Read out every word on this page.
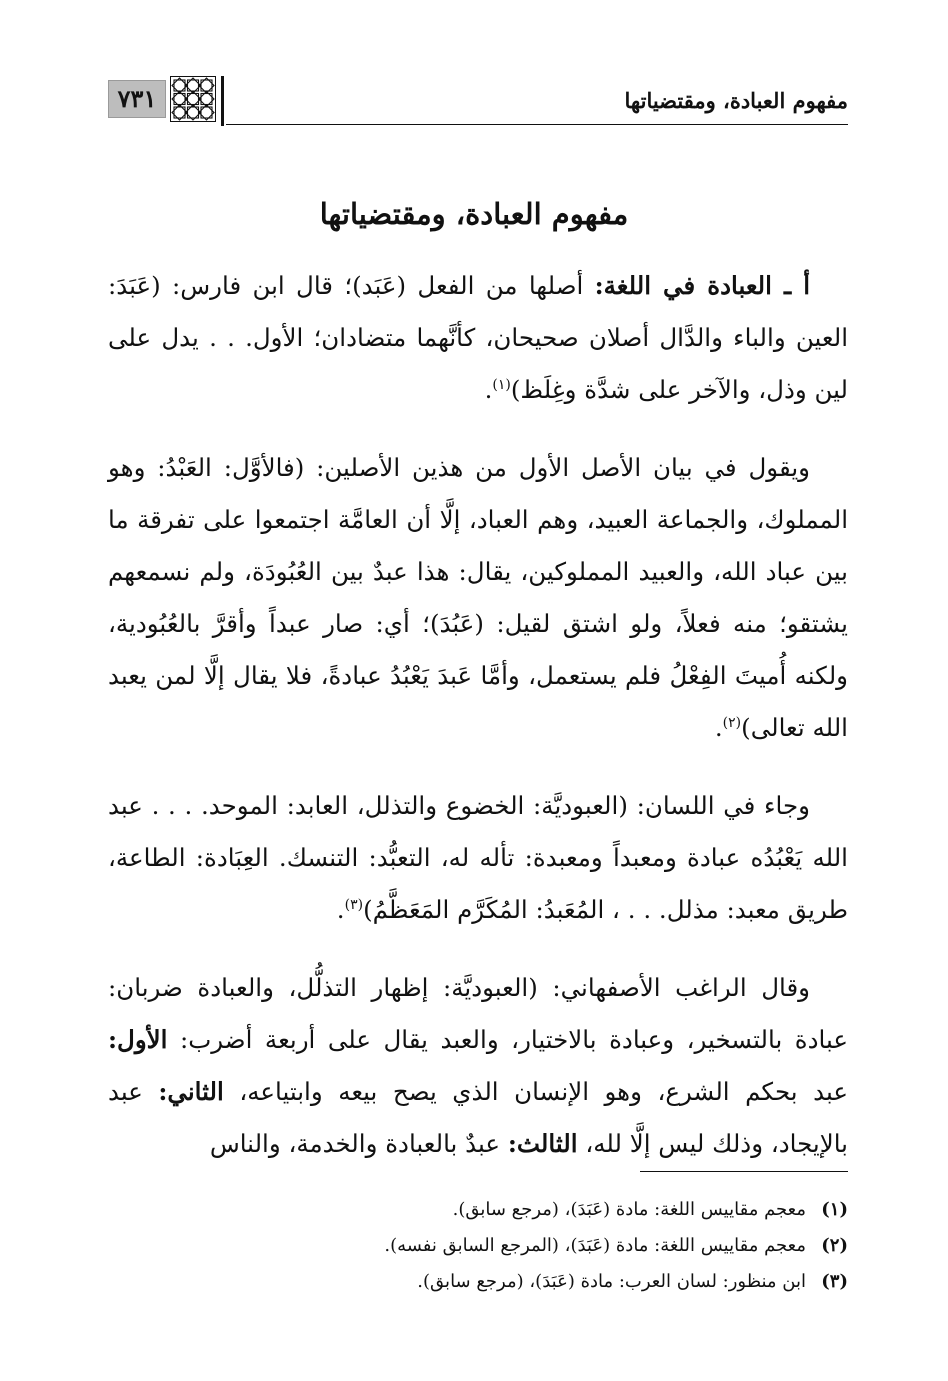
مفهوم العبادة، ومقتضياتها
٧٣١
مفهوم العبادة، ومقتضياتها

أ ـ العبادة في اللغة: أصلها من الفعل (عَبَد)؛ قال ابن فارس: (عَبَدَ: العين والباء والدَّال أصلان صحيحان، كأنَّهما متضادان؛ الأول. . . يدل على لين وذل، والآخر على شدَّة وغِلَظ)$^{(١)}$.

ويقول في بيان الأصل الأول من هذين الأصلين: (فالأوَّل: العَبْدُ: وهو المملوك، والجماعة العبيد، وهم العباد، إلَّا أن العامَّة اجتمعوا على تفرقة ما بين عباد الله، والعبيد المملوكين، يقال: هذا عبدٌ بين العُبُودَة، ولم نسمعهم يشتقو؛ منه فعلاً، ولو اشتق لقيل: (عَبُدَ)؛ أي: صار عبداً وأقرَّ بالعُبُودية، ولكنه أُميتَ الفِعْلُ فلم يستعمل، وأمَّا عَبدَ يَعْبُدُ عبادةً، فلا يقال إلَّا لمن يعبد الله تعالى)$^{(٢)}$.

وجاء في اللسان: (العبوديَّة: الخضوع والتذلل، العابد: الموحد. . . . عبد الله يَعْبُدُه عبادة ومعبداً ومعبدة: تأله له، التعبُّد: التنسك. العِبَادة: الطاعة، طريق معبد: مذلل. . . ، المُعَبدُ: المُكَرَّم المَعَظَّمُ)$^{(٣)}$.

وقال الراغب الأصفهاني: (العبوديَّة: إظهار التذلُّل، والعبادة ضربان: عبادة بالتسخير، وعبادة بالاختيار، والعبد يقال على أربعة أضرب: الأول: عبد بحكم الشرع، وهو الإنسان الذي يصح بيعه وابتياعه، الثاني: عبد بالإيجاد، وذلك ليس إلَّا لله، الثالث: عبدٌ بالعبادة والخدمة، والناس

(١)
معجم مقاييس اللغة: مادة (عَبَدَ)، (مرجع سابق).
(٢)
معجم مقاييس اللغة: مادة (عَبَدَ)، (المرجع السابق نفسه).
(٣)
ابن منظور: لسان العرب: مادة (عَبَدَ)، (مرجع سابق).
